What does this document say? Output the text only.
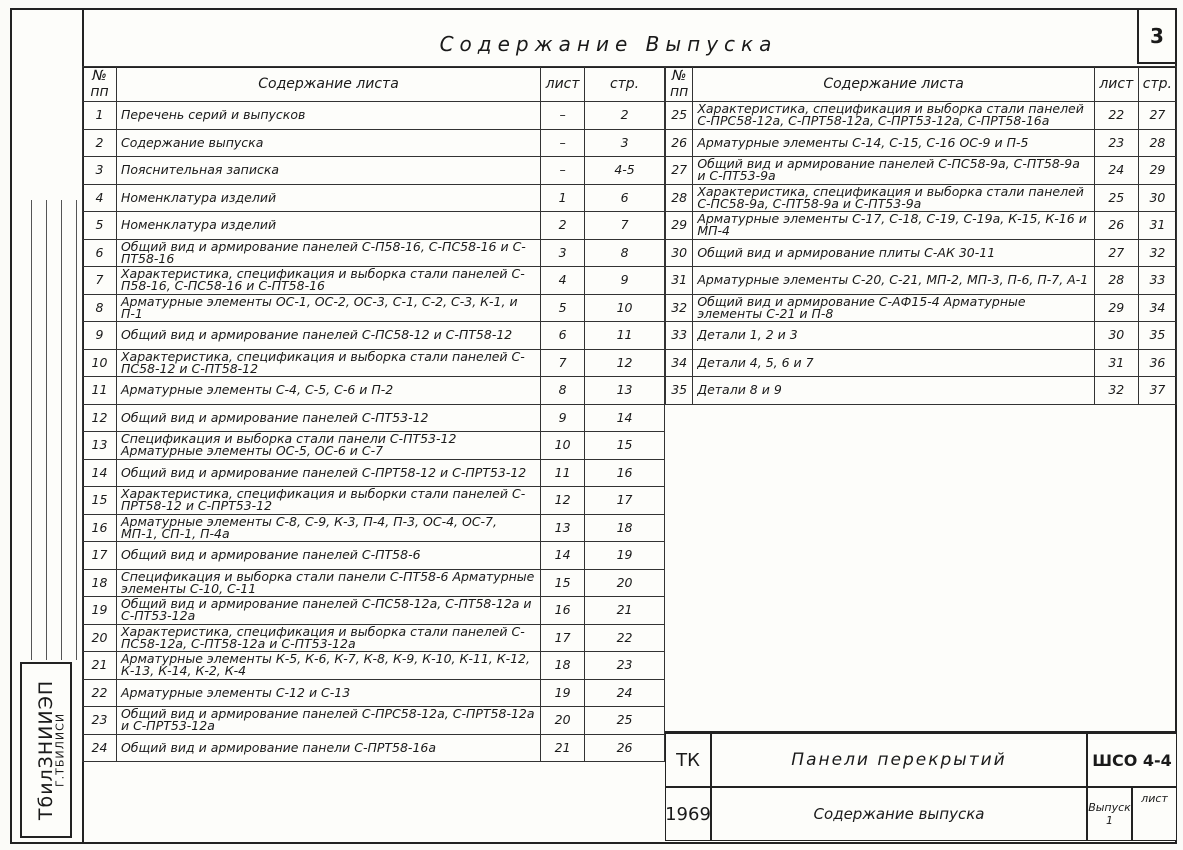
ТбилЗНИИЭП
Г.ТБИЛИСИ
Содержание Выпуска	3
№ пп	Содержание листа	лист	стр.
1	Перечень серий и выпусков	–	2
2	Содержание выпуска	–	3
3	Пояснительная записка	–	4-5
4	Номенклатура изделий	1	6
5	Номенклатура изделий	2	7
6	Общий вид и армирование панелей С-П58-16, С-ПС58-16 и С-ПТ58-16	3	8
7	Характеристика, спецификация и выборка стали панелей С-П58-16, С-ПС58-16 и С-ПТ58-16	4	9
8	Арматурные элементы ОС-1, ОС-2, ОС-3, С-1, С-2, С-3, К-1, и П-1	5	10
9	Общий вид и армирование панелей С-ПС58-12 и С-ПТ58-12	6	11
10	Характеристика, спецификация и выборка стали панелей С-ПС58-12 и С-ПТ58-12	7	12
11	Арматурные элементы С-4, С-5, С-6 и П-2	8	13
12	Общий вид и армирование панелей С-ПТ53-12	9	14
13	Спецификация и выборка стали панели С-ПТ53-12 Арматурные элементы ОС-5, ОС-6 и С-7	10	15
14	Общий вид и армирование панелей С-ПРТ58-12 и С-ПРТ53-12	11	16
15	Характеристика, спецификация и выборки стали панелей С-ПРТ58-12 и С-ПРТ53-12	12	17
16	Арматурные элементы С-8, С-9, К-3, П-4, П-3, ОС-4, ОС-7, МП-1, СП-1, П-4а	13	18
17	Общий вид и армирование панелей С-ПТ58-6	14	19
18	Спецификация и выборка стали панели С-ПТ58-6 Арматурные элементы С-10, С-11	15	20
19	Общий вид и армирование панелей С-ПС58-12а, С-ПТ58-12а и С-ПТ53-12а	16	21
20	Характеристика, спецификация и выборка стали панелей С-ПС58-12а, С-ПТ58-12а и С-ПТ53-12а	17	22
21	Арматурные элементы К-5, К-6, К-7, К-8, К-9, К-10, К-11, К-12, К-13, К-14, К-2, К-4	18	23
22	Арматурные элементы С-12 и С-13	19	24
23	Общий вид и армирование панелей С-ПРС58-12а, С-ПРТ58-12а и С-ПРТ53-12а	20	25
24	Общий вид и армирование панели С-ПРТ58-16а	21	26
№ пп	Содержание листа	лист	стр.
25	Характеристика, спецификация и выборка стали панелей С-ПРС58-12а, С-ПРТ58-12а, С-ПРТ53-12а, С-ПРТ58-16а	22	27
26	Арматурные элементы С-14, С-15, С-16 ОС-9 и П-5	23	28
27	Общий вид и армирование панелей С-ПС58-9а, С-ПТ58-9а и С-ПТ53-9а	24	29
28	Характеристика, спецификация и выборка стали панелей С-ПС58-9а, С-ПТ58-9а и С-ПТ53-9а	25	30
29	Арматурные элементы С-17, С-18, С-19, С-19а, К-15, К-16 и МП-4	26	31
30	Общий вид и армирование плиты С-АК 30-11	27	32
31	Арматурные элементы С-20, С-21, МП-2, МП-3, П-6, П-7, А-1	28	33
32	Общий вид и армирование С-АФ15-4 Арматурные элементы С-21 и П-8	29	34
33	Детали 1, 2 и 3	30	35
34	Детали 4, 5, 6 и 7	31	36
35	Детали 8 и 9	32	37
ТК
1969
Панели перекрытий
Содержание выпуска
ШСО 4-4
Выпуск
1
лист
